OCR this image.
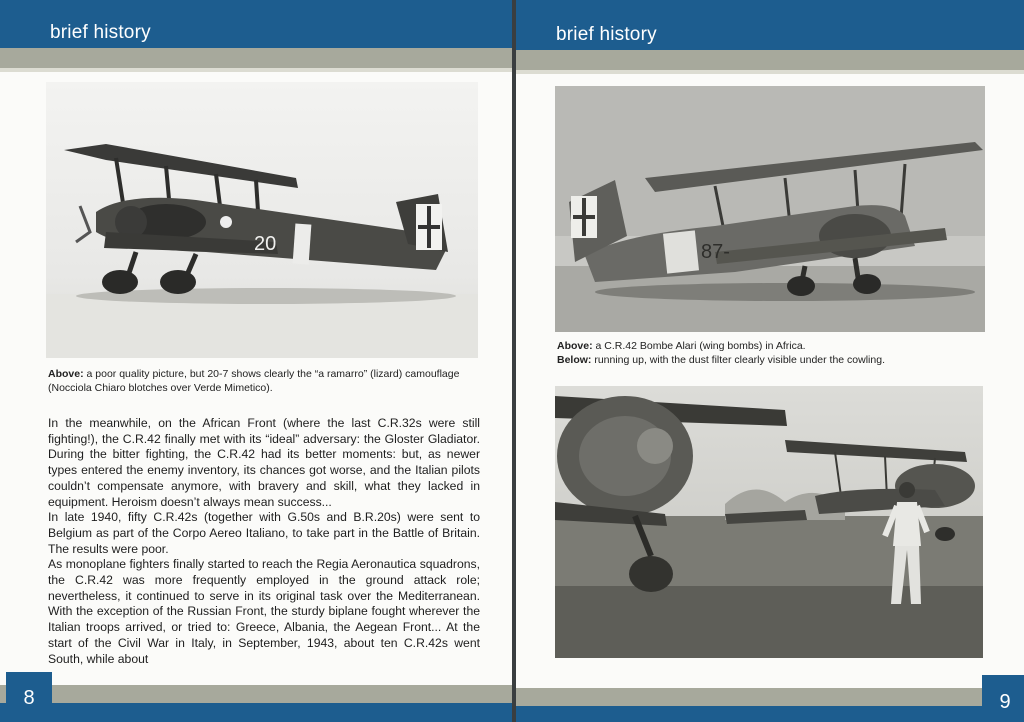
brief history
20
Above: a poor quality picture, but 20-7 shows clearly the “a ramarro” (lizard) camouflage (Nocciola Chiaro blotches over Verde Mimetico).

In the meanwhile, on the African Front (where the last C.R.32s were still fighting!), the C.R.42 finally met with its “ideal” adversary: the Gloster Gladiator. During the bitter fighting, the C.R.42 had its better moments: but, as newer types entered the enemy inventory, its chances got worse, and the Italian pilots couldn’t compensate anymore, with bravery and skill, what they lacked in equipment. Heroism doesn’t always mean success...

In late 1940, fifty C.R.42s (together with G.50s and B.R.20s) were sent to Belgium as part of the Corpo Aereo Italiano, to take part in the Battle of Britain. The results were poor.

As monoplane fighters finally started to reach the Regia Aeronautica squadrons, the C.R.42 was more frequently employed in the ground attack role; nevertheless, it continued to serve in its original task over the Mediterranean. With the exception of the Russian Front, the sturdy biplane fought wherever the Italian troops arrived, or tried to: Greece, Albania, the Aegean Front... At the start of the Civil War in Italy, in September, 1943, about ten C.R.42s went South, while about

8
brief history
87-
Above: a C.R.42 Bombe Alari (wing bombs) in Africa.
Below: running up, with the dust filter clearly visible under the cowling.
9
